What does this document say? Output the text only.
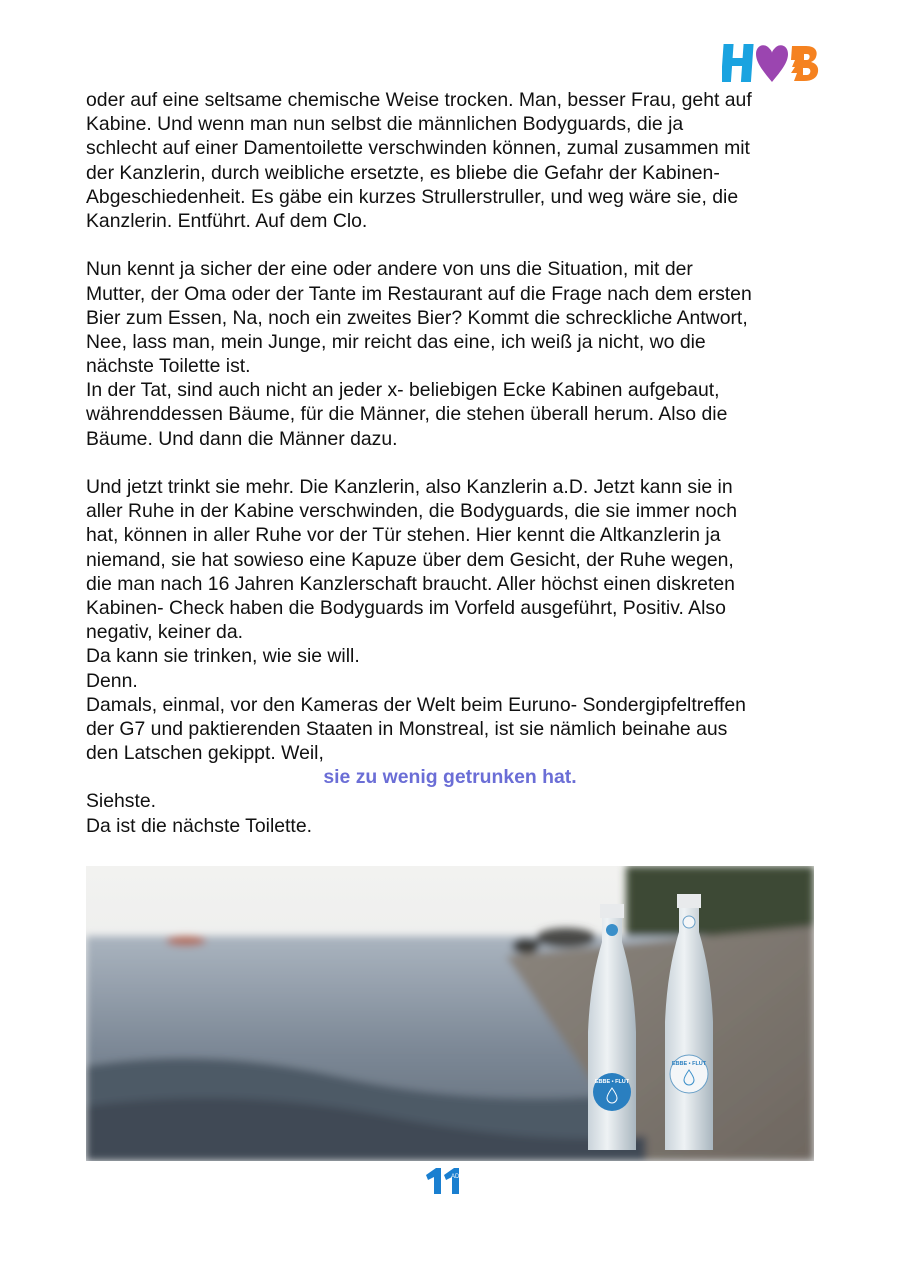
oder auf eine seltsame chemische Weise trocken. Man, besser Frau, geht auf
Kabine. Und wenn man nun selbst die männlichen Bodyguards, die ja
schlecht auf einer Damentoilette verschwinden können, zumal zusammen mit
der Kanzlerin, durch weibliche ersetzte, es bliebe die Gefahr der Kabinen-
Abgeschiedenheit. Es gäbe ein kurzes Strullerstruller, und weg wäre sie, die
Kanzlerin. Entführt. Auf dem Clo.
Nun kennt ja sicher der eine oder andere von uns die Situation, mit der
Mutter, der Oma oder der Tante im Restaurant auf die Frage nach dem ersten
Bier zum Essen, Na, noch ein zweites Bier? Kommt die schreckliche Antwort,
Nee, lass man, mein Junge, mir reicht das eine, ich weiß ja nicht, wo die
nächste Toilette ist.
In der Tat, sind auch nicht an jeder x- beliebigen Ecke Kabinen aufgebaut,
währenddessen Bäume, für die Männer, die stehen überall herum. Also die
Bäume. Und dann die Männer dazu.
Und jetzt trinkt sie mehr. Die Kanzlerin, also Kanzlerin a.D. Jetzt kann sie in
aller Ruhe in der Kabine verschwinden, die Bodyguards, die sie immer noch
hat, können in aller Ruhe vor der Tür stehen. Hier kennt die Altkanzlerin ja
niemand, sie hat sowieso eine Kapuze über dem Gesicht, der Ruhe wegen,
die man nach 16 Jahren Kanzlerschaft braucht. Aller höchst einen diskreten
Kabinen- Check haben die Bodyguards im Vorfeld ausgeführt, Positiv. Also
negativ, keiner da.
Da kann sie trinken, wie sie will.
Denn.
Damals, einmal, vor den Kameras der Welt beim Euruno- Sondergipfeltreffen
der G7 und paktierenden Staaten in Monstreal, ist sie nämlich beinahe aus
den Latschen gekippt. Weil,
sie zu wenig getrunken hat.
Siehste.
Da ist die nächste Toilette.
EBBE • FLUT
EBBE • FLUT
AD
